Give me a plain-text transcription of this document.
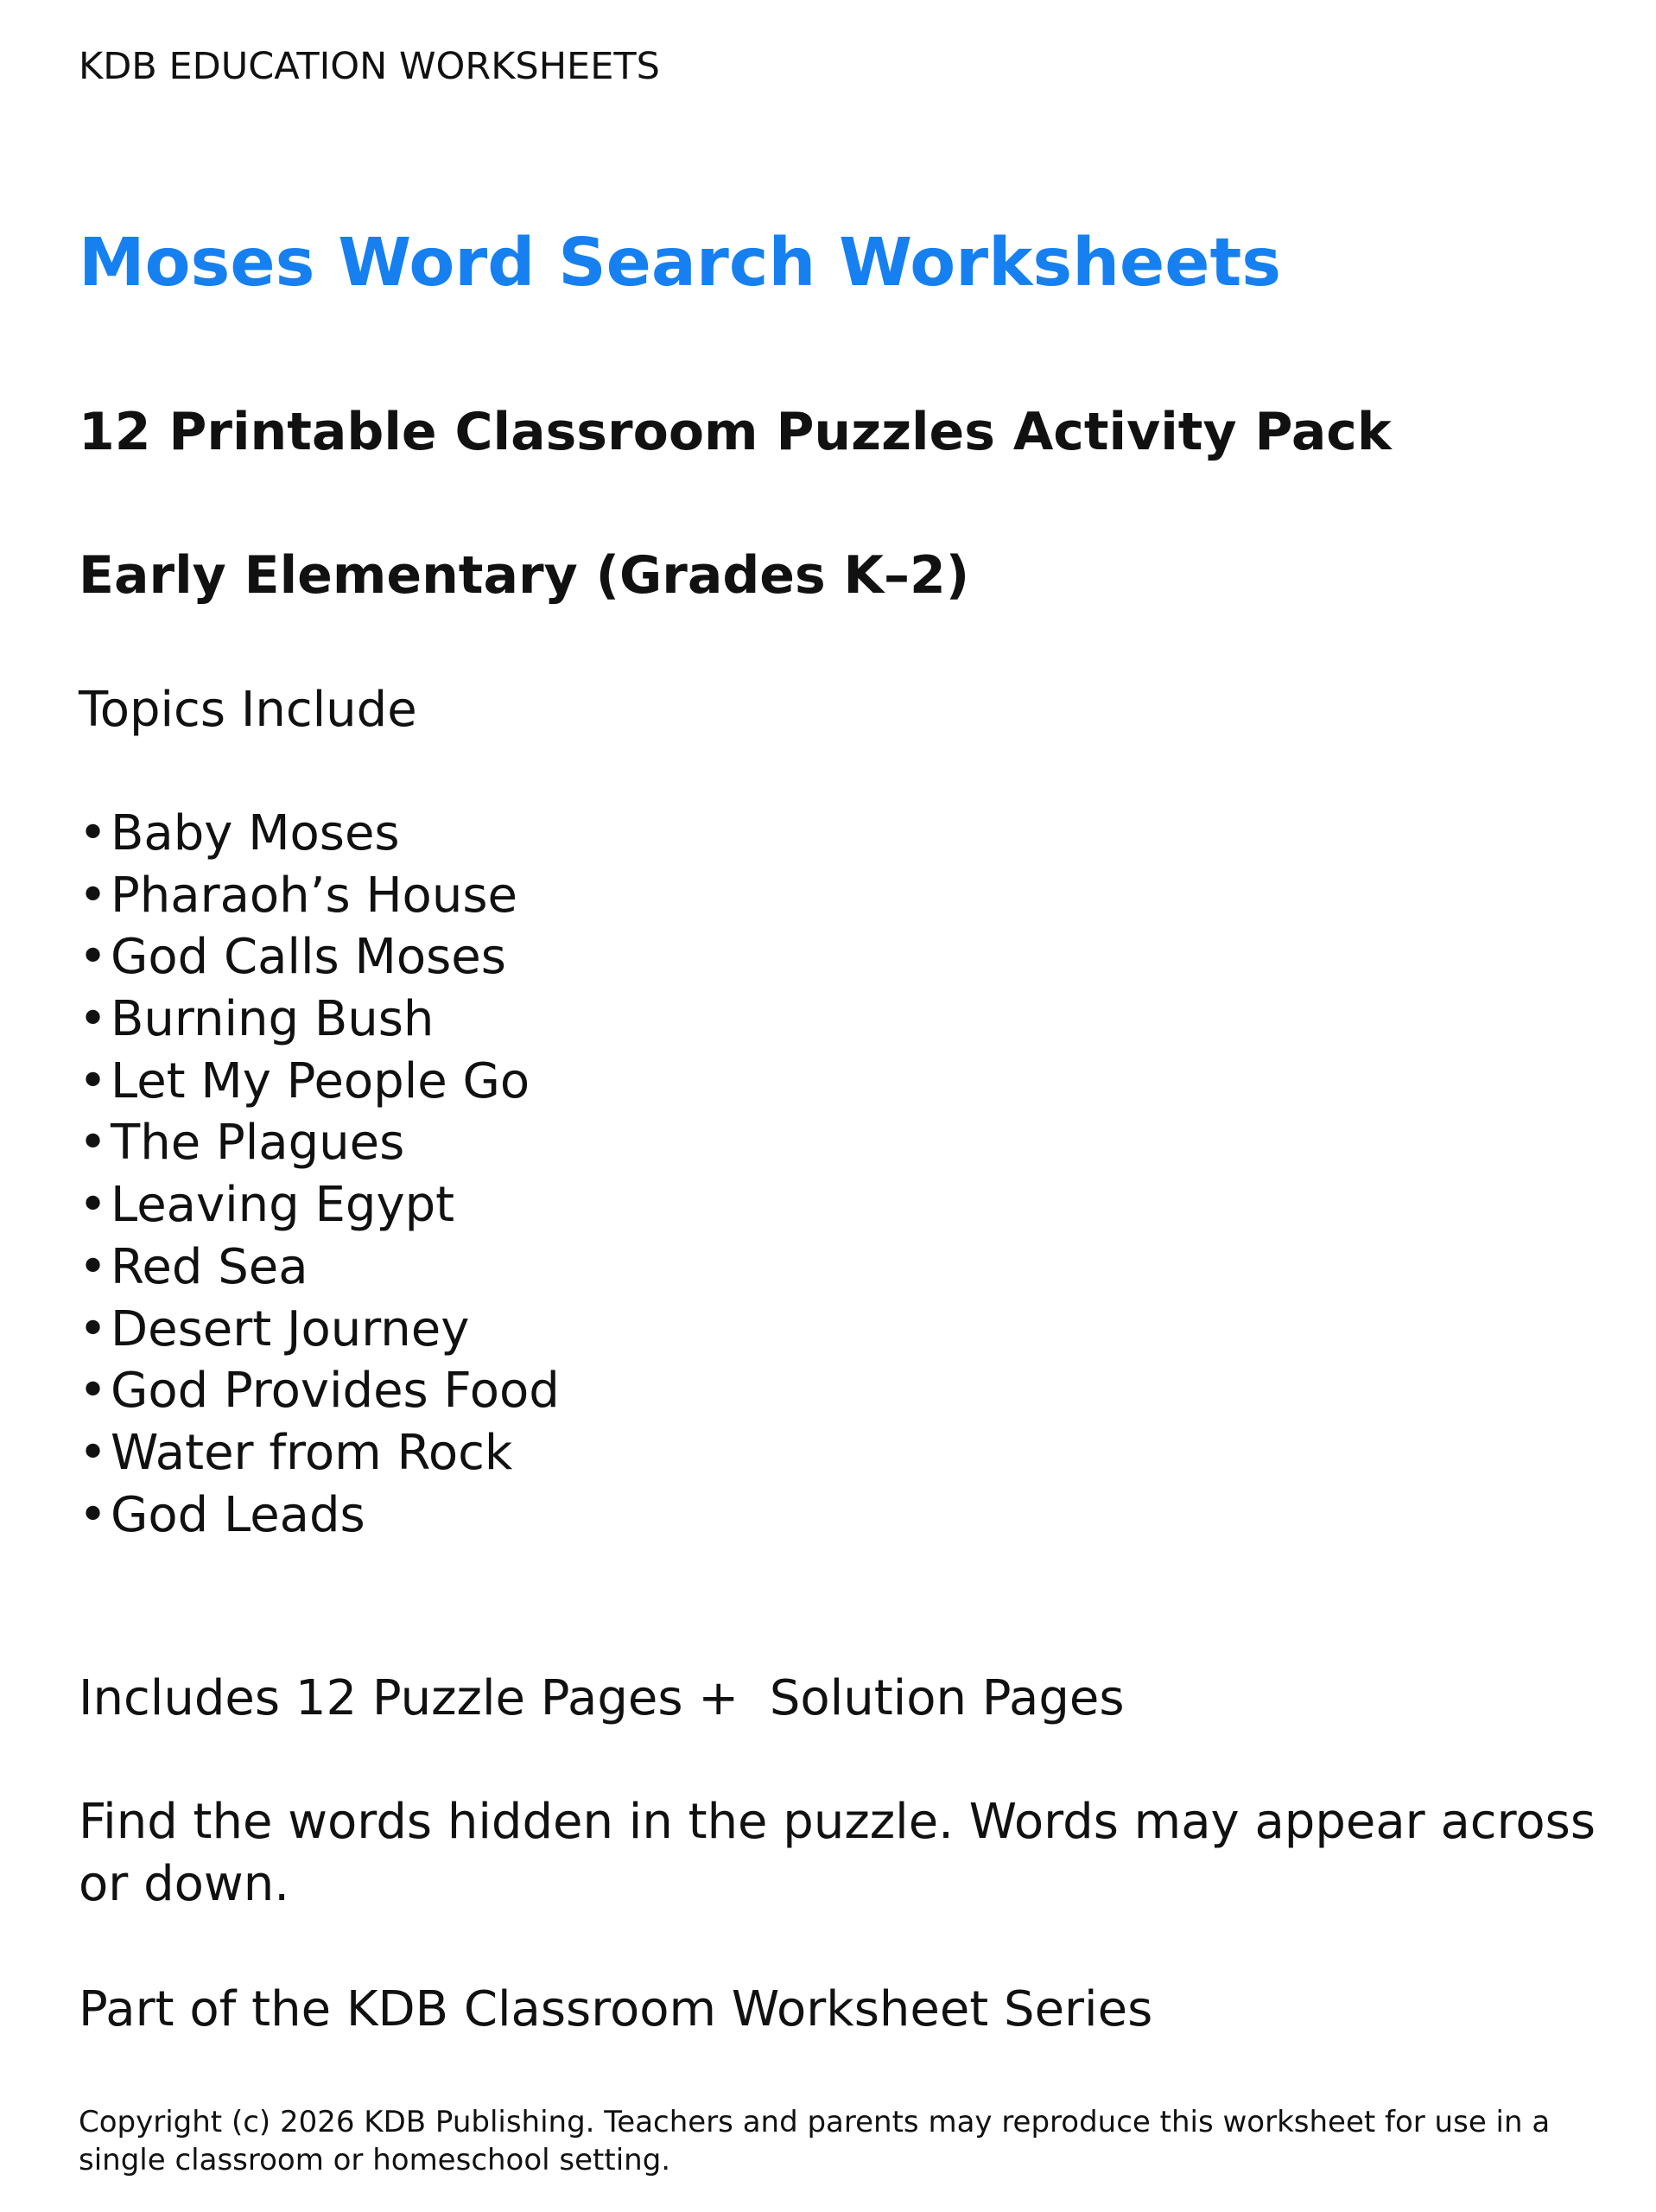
KDB EDUCATION WORKSHEETS
Moses Word Search Worksheets
12 Printable Classroom Puzzles Activity Pack
Early Elementary (Grades K–2)
Topics Include
•Baby Moses
•Pharaoh’s House
•God Calls Moses
•Burning Bush
•Let My People Go
•The Plagues
•Leaving Egypt
•Red Sea
•Desert Journey
•God Provides Food
•Water from Rock
•God Leads
Includes 12 Puzzle Pages +  Solution Pages
Find the words hidden in the puzzle. Words may appear across or down.
Part of the KDB Classroom Worksheet Series
Copyright (c) 2026 KDB Publishing. Teachers and parents may reproduce this worksheet for use in a single classroom or homeschool setting.
